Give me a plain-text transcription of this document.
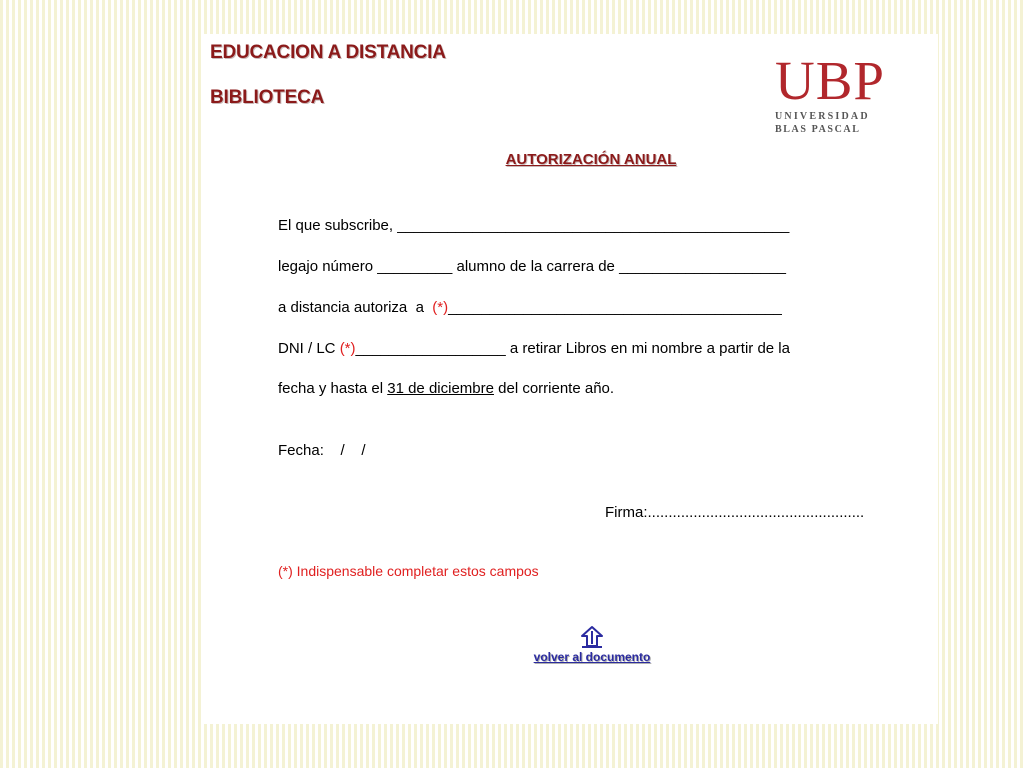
EDUCACION A DISTANCIA
BIBLIOTECA	UBP
UNIVERSIDAD
BLAS PASCAL
AUTORIZACIÓN ANUAL

El que subscribe, _______________________________________________

legajo número _________ alumno de la carrera de ____________________

a distancia autoriza  a  (*)________________________________________

DNI / LC (*)__________________ a retirar Libros en mi nombre a partir de la

fecha y hasta el 31 de diciembre del corriente año.

Fecha:    /    /

Firma:....................................................

(*) Indispensable completar estos campos

volver al documento
